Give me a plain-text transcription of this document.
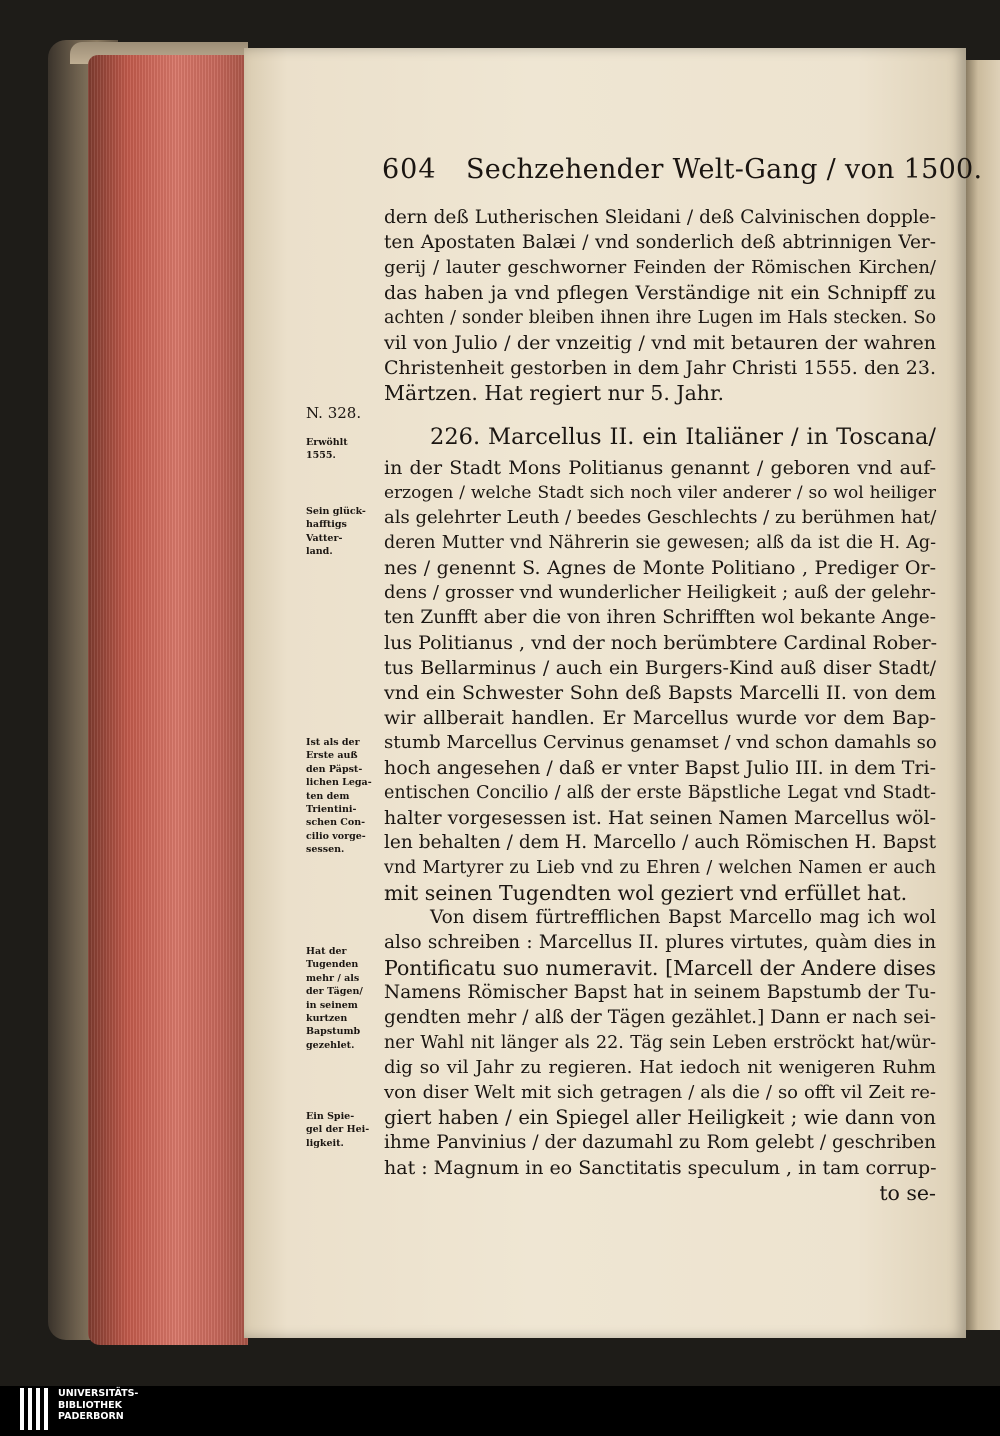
604 Sechzehender Welt-Gang / von 1500.
N. 328.
Erwöhlt
1555.
Sein glück-
hafftigs
Vatter-
land.
Ist als der
Erste auß
den Päpst-
lichen Lega-
ten dem
Trientini-
schen Con-
cilio vorge-
sessen.
Hat der
Tugenden
mehr / als
der Tägen/
in seinem
kurtzen
Bapstumb
gezehlet.
Ein Spie-
gel der Hei-
ligkeit.
dern deß Lutherischen Sleidani / deß Calvinischen dopple-
ten Apostaten Balæi / vnd sonderlich deß abtrinnigen Ver-
gerij / lauter geschworner Feinden der Römischen Kirchen/
das haben ja vnd pflegen Verständige nit ein Schnipff zu
achten / sonder bleiben ihnen ihre Lugen im Hals stecken. So
vil von Julio / der vnzeitig / vnd mit betauren der wahren
Christenheit gestorben in dem Jahr Christi 1555. den 23.
Märtzen. Hat regiert nur 5. Jahr.
226. Marcellus II. ein Italiäner / in Toscana/
in der Stadt Mons Politianus genannt / geboren vnd auf-
erzogen / welche Stadt sich noch viler anderer / so wol heiliger
als gelehrter Leuth / beedes Geschlechts / zu berühmen hat/
deren Mutter vnd Nährerin sie gewesen; alß da ist die H. Ag-
nes / genennt S. Agnes de Monte Politiano , Prediger Or-
dens / grosser vnd wunderlicher Heiligkeit ; auß der gelehr-
ten Zunfft aber die von ihren Schrifften wol bekante Ange-
lus Politianus , vnd der noch berümbtere Cardinal Rober-
tus Bellarminus / auch ein Burgers-Kind auß diser Stadt/
vnd ein Schwester Sohn deß Bapsts Marcelli II. von dem
wir allberait handlen. Er Marcellus wurde vor dem Bap-
stumb Marcellus Cervinus genamset / vnd schon damahls so
hoch angesehen / daß er vnter Bapst Julio III. in dem Tri-
entischen Concilio / alß der erste Bäpstliche Legat vnd Stadt-
halter vorgesessen ist. Hat seinen Namen Marcellus wöl-
len behalten / dem H. Marcello / auch Römischen H. Bapst
vnd Martyrer zu Lieb vnd zu Ehren / welchen Namen er auch
mit seinen Tugendten wol geziert vnd erfüllet hat.
Von disem fürtrefflichen Bapst Marcello mag ich wol
also schreiben : Marcellus II. plures virtutes, quàm dies in
Pontificatu suo numeravit. [Marcell der Andere dises
Namens Römischer Bapst hat in seinem Bapstumb der Tu-
gendten mehr / alß der Tägen gezählet.] Dann er nach sei-
ner Wahl nit länger als 22. Täg sein Leben erströckt hat/wür-
dig so vil Jahr zu regieren. Hat iedoch nit wenigeren Ruhm
von diser Welt mit sich getragen / als die / so offt vil Zeit re-
giert haben / ein Spiegel aller Heiligkeit ; wie dann von
ihme Panvinius / der dazumahl zu Rom gelebt / geschriben
hat : Magnum in eo Sanctitatis speculum , in tam corrup-
to se-
UNIVERSITÄTS-
BIBLIOTHEK
PADERBORN
